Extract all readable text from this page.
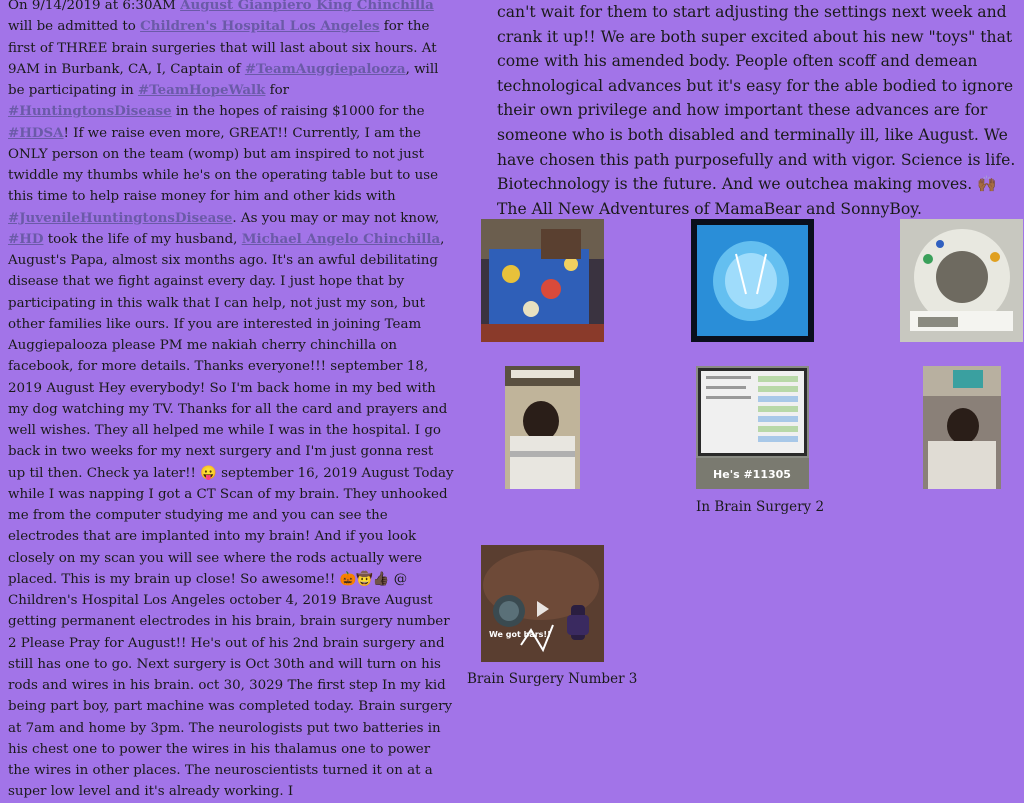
On 9/14/2019 at 6:30AM August Gianpiero King Chinchilla will be admitted to Children's Hospital Los Angeles for the first of THREE brain surgeries that will last about six hours. At 9AM in Burbank, CA, I, Captain of #TeamAuggiepalooza, will be participating in #TeamHopeWalk for #HuntingtonsDisease in the hopes of raising $1000 for the #HDSA! If we raise even more, GREAT!! Currently, I am the ONLY person on the team (womp) but am inspired to not just twiddle my thumbs while he's on the operating table but to use this time to help raise money for him and other kids with #JuvenileHuntingtonsDisease. As you may or may not know, #HD took the life of my husband, Michael Angelo Chinchilla, August's Papa, almost six months ago. It's an awful debilitating disease that we fight against every day. I just hope that by participating in this walk that I can help, not just my son, but other families like ours. If you are interested in joining Team Auggiepalooza please PM me nakiah cherry chinchilla on facebook, for more details. Thanks everyone!!! september 18, 2019 August Hey everybody! So I'm back home in my bed with my dog watching my TV. Thanks for all the card and prayers and well wishes. They all helped me while I was in the hospital. I go back in two weeks for my next surgery and I'm just gonna rest up til then. Check ya later!! 😛 september 16, 2019 August Today while I was napping I got a CT Scan of my brain. They unhooked me from the computer studying me and you can see the electrodes that are implanted into my brain! And if you look closely on my scan you will see where the rods actually were placed. This is my brain up close! So awesome!! 🎃🤠👍🏿 @ Children's Hospital Los Angeles october 4, 2019 Brave August getting permanent electrodes in his brain, brain surgery number 2 Please Pray for August!! He's out of his 2nd brain surgery and still has one to go. Next surgery is Oct 30th and will turn on his rods and wires in his brain. oct 30, 3029 The first step In my kid being part boy, part machine was completed today. Brain surgery at 7am and home by 3pm. The neurologists put two batteries in his chest one to power the wires in his thalamus one to power the wires in other places. The neuroscientists turned it on at a super low level and it's already working. I
can't wait for them to start adjusting the settings next week and crank it up!! We are both super excited about his new "toys" that come with his amended body. People often scoff and demean technological advances but it's easy for the able bodied to ignore their own privilege and how important these advances are for someone who is both disabled and terminally ill, like August. We have chosen this path purposefully and with vigor. Science is life. Biotechnology is the future. And we outchea making moves. 🙌🏾The All New Adventures of MamaBear and SonnyBoy.
He's #11305
In Brain Surgery 2
We got bars!!
Brain Surgery Number 3
